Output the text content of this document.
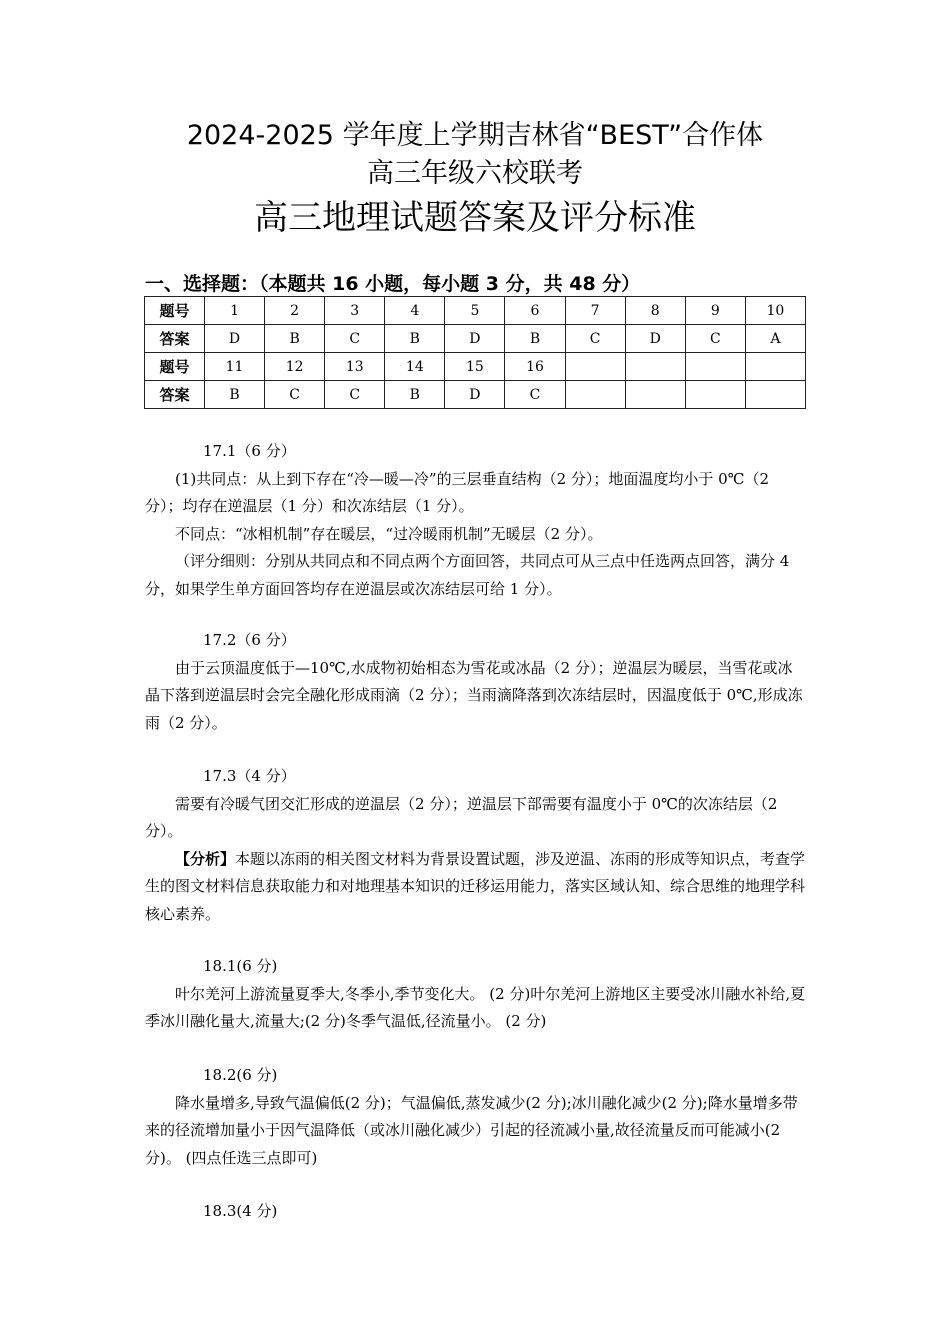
2024-2025 学年度上学期吉林省“BEST”合作体
高三年级六校联考
高三地理试题答案及评分标准
一、选择题：（本题共 16 小题，每小题 3 分，共 48 分）
题号	1	2	3	4	5	6	7	8	9	10
答案	D	B	C	B	D	B	C	D	C	A
题号	11	12	13	14	15	16				
答案	B	C	C	B	D	C				

17.1（6 分）

(1)共同点：从上到下存在“冷—暖—冷”的三层垂直结构（2 分）；地面温度均小于 0℃（2 分）；均存在逆温层（1 分）和次冻结层（1 分）。

不同点：“冰相机制”存在暖层，“过冷暖雨机制”无暖层（2 分）。

（评分细则：分别从共同点和不同点两个方面回答，共同点可从三点中任选两点回答，满分 4 分，如果学生单方面回答均存在逆温层或次冻结层可给 1 分）。

17.2（6 分）

由于云顶温度低于—10℃,水成物初始相态为雪花或冰晶（2 分）；逆温层为暖层，当雪花或冰晶下落到逆温层时会完全融化形成雨滴（2 分）；当雨滴降落到次冻结层时，因温度低于 0℃,形成冻雨（2 分）。

17.3（4 分）

需要有冷暖气团交汇形成的逆温层（2 分）；逆温层下部需要有温度小于 0℃的次冻结层（2 分）。

【分析】本题以冻雨的相关图文材料为背景设置试题，涉及逆温、冻雨的形成等知识点，考查学生的图文材料信息获取能力和对地理基本知识的迁移运用能力，落实区域认知、综合思维的地理学科核心素养。

18.1(6 分)

叶尔羌河上游流量夏季大,冬季小,季节变化大。 (2 分)叶尔羌河上游地区主要受冰川融水补给,夏季冰川融化量大,流量大;(2 分)冬季气温低,径流量小。 (2 分)

18.2(6 分)

降水量增多,导致气温偏低(2 分)；气温偏低,蒸发减少(2 分);冰川融化减少(2 分);降水量增多带来的径流增加量小于因气温降低（或冰川融化减少）引起的径流减小量,故径流量反而可能减小(2 分)。 (四点任选三点即可)

18.3(4 分)
